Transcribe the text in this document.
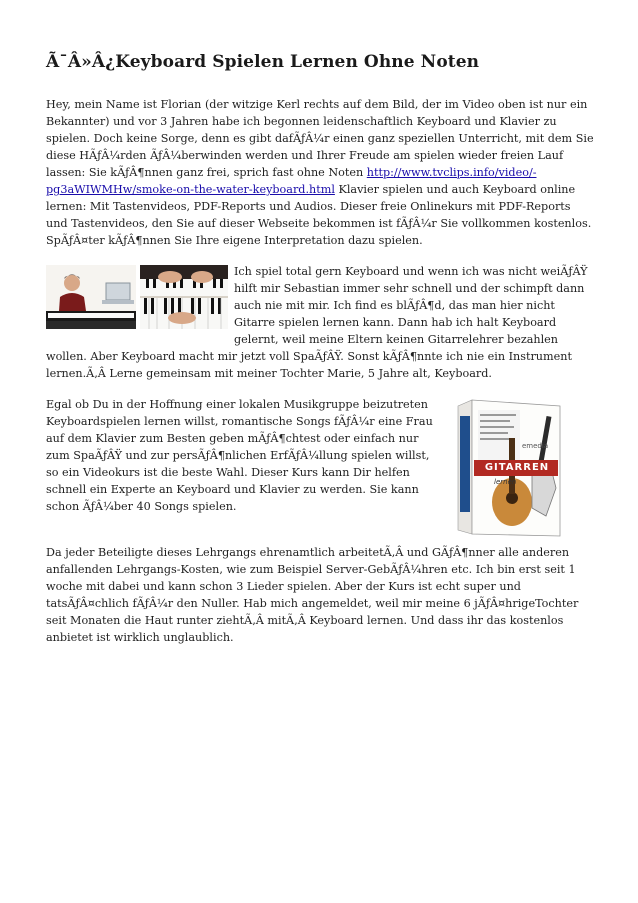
Ã¯Â»Â¿Keyboard Spielen Lernen Ohne Noten

Hey, mein Name ist Florian (der witzige Kerl rechts auf dem Bild, der im Video oben ist nur ein Bekannter) und vor 3 Jahren habe ich begonnen leidenschaftlich Keyboard und Klavier zu spielen. Doch keine Sorge, denn es gibt dafÃƒÂ¼r einen ganz speziellen Unterricht, mit dem Sie diese HÃƒÂ¼rden ÃƒÂ¼berwinden werden und Ihrer Freude am spielen wieder freien Lauf lassen: Sie kÃƒÂ¶nnen ganz frei, sprich fast ohne Noten http://www.tvclips.info/video/-pg3aWIWMHw/smoke-on-the-water-keyboard.html Klavier spielen und auch Keyboard online lernen: Mit Tastenvideos, PDF-Reports und Audios. Dieser freie Onlinekurs mit PDF-Reports und Tastenvideos, den Sie auf dieser Webseite bekommen ist fÃƒÂ¼r Sie vollkommen kostenlos. SpÃƒÂ¤ter kÃƒÂ¶nnen Sie Ihre eigene Interpretation dazu spielen.

Ich spiel total gern Keyboard und wenn ich was nicht weiÃƒÂŸ hilft mir Sebastian immer sehr schnell und der schimpft dann auch nie mit mir. Ich find es blÃƒÂ¶d, das man hier nicht Gitarre spielen lernen kann. Dann hab ich halt Keyboard gelernt, weil meine Eltern keinen Gitarrelehrer bezahlen wollen. Aber Keyboard macht mir jetzt voll SpaÃƒÂŸ. Sonst kÃƒÂ¶nnte ich nie ein Instrument lernen.Ã‚Â Lerne gemeinsam mit meiner Tochter Marie, 5 Jahre alt, Keyboard.

emedia
GITARREN
lernen

Egal ob Du in der Hoffnung einer lokalen Musikgruppe beizutreten Keyboardspielen lernen willst, romantische Songs fÃƒÂ¼r eine Frau auf dem Klavier zum Besten geben mÃƒÂ¶chtest oder einfach nur zum SpaÃƒÂŸ und zur persÃƒÂ¶nlichen ErfÃƒÂ¼llung spielen willst, so ein Videokurs ist die beste Wahl. Dieser Kurs kann Dir helfen schnell ein Experte an Keyboard und Klavier zu werden. Sie kann schon ÃƒÂ¼ber 40 Songs spielen.

Da jeder Beteiligte dieses Lehrgangs ehrenamtlich arbeitetÃ‚Â und GÃƒÂ¶nner alle anderen anfallenden Lehrgangs-Kosten, wie zum Beispiel Server-GebÃƒÂ¼hren etc. Ich bin erst seit 1 woche mit dabei und kann schon 3 Lieder spielen. Aber der Kurs ist echt super und tatsÃƒÂ¤chlich fÃƒÂ¼r den Nuller. Hab mich angemeldet, weil mir meine 6 jÃƒÂ¤hrigeTochter seit Monaten die Haut runter ziehtÃ‚Â mitÃ‚Â Keyboard lernen. Und dass ihr das kostenlos anbietet ist wirklich unglaublich.
